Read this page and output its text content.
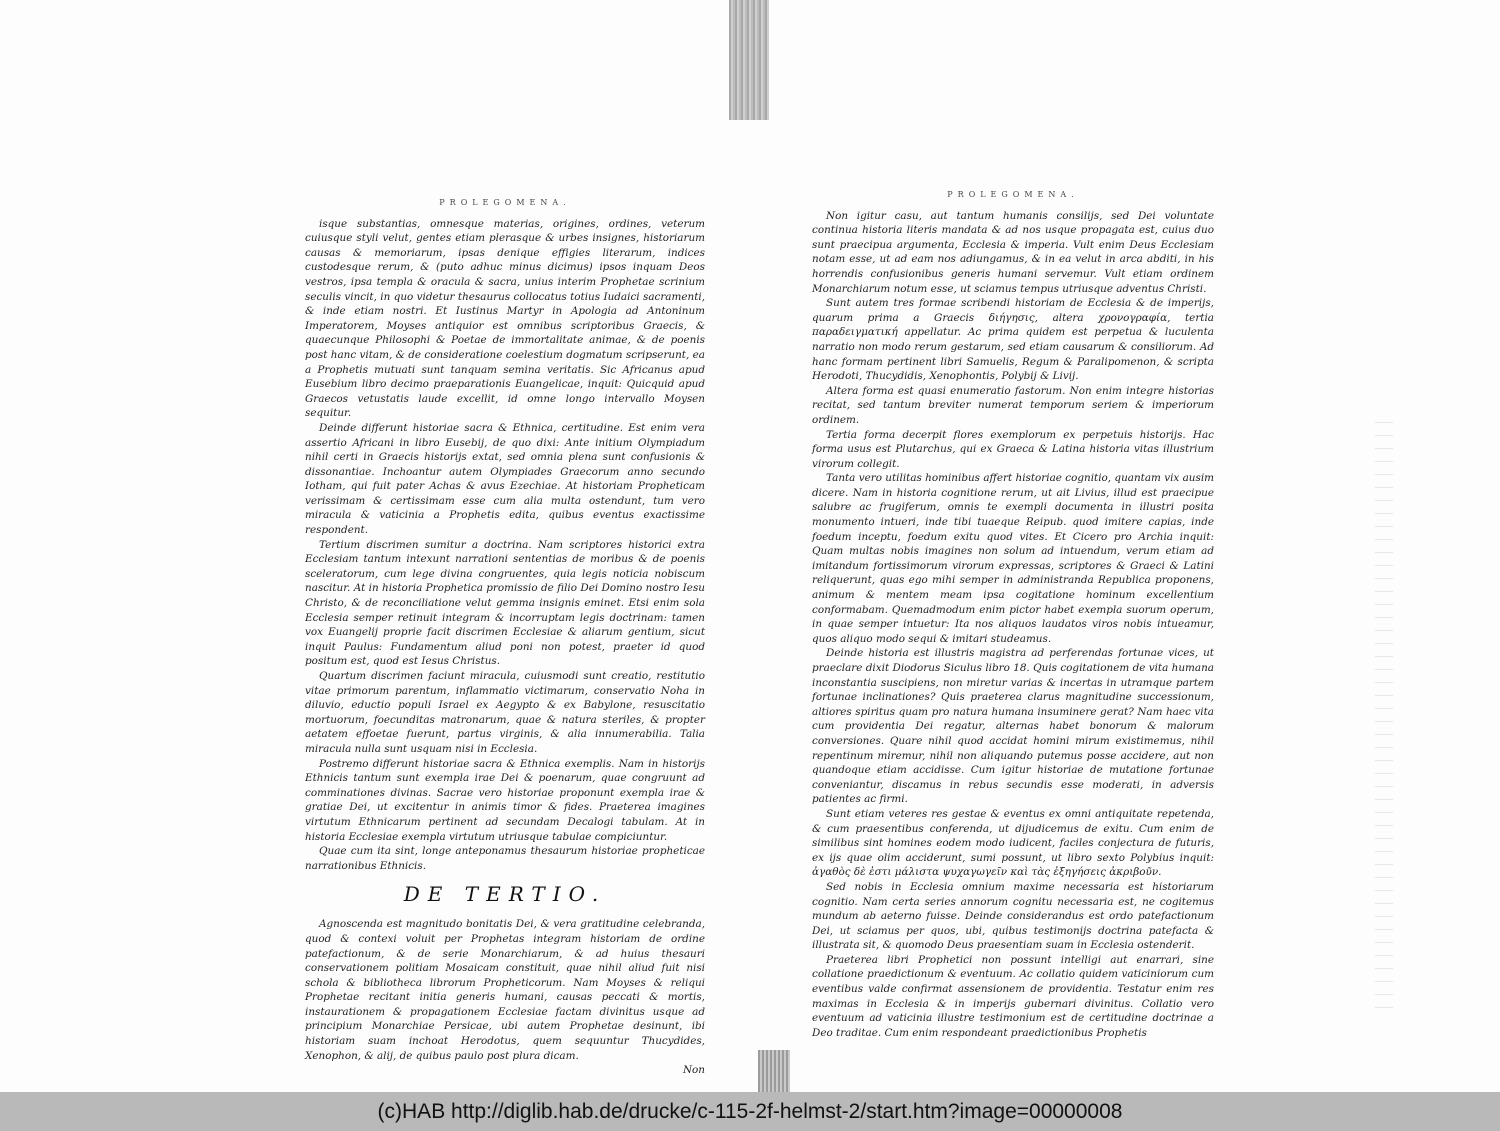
PROLEGOMENA.

isque substantias, omnesque materias, origines, ordines, veterum cuiusque styli velut, gentes etiam plerasque & urbes insignes, historiarum causas & memoriarum, ipsas denique effigies literarum, indices custodesque rerum, & (puto adhuc minus dicimus) ipsos inquam Deos vestros, ipsa templa & oracula & sacra, unius interim Prophetae scrinium seculis vincit, in quo videtur thesaurus collocatus totius Iudaici sacramenti, & inde etiam nostri. Et Iustinus Martyr in Apologia ad Antoninum Imperatorem, Moyses antiquior est omnibus scriptoribus Graecis, & quaecunque Philosophi & Poetae de immortalitate animae, & de poenis post hanc vitam, & de consideratione coelestium dogmatum scripserunt, ea a Prophetis mutuati sunt tanquam semina veritatis. Sic Africanus apud Eusebium libro decimo praeparationis Euangelicae, inquit: Quicquid apud Graecos vetustatis laude excellit, id omne longo intervallo Moysen sequitur.

Deinde differunt historiae sacra & Ethnica, certitudine. Est enim vera assertio Africani in libro Eusebij, de quo dixi: Ante initium Olympiadum nihil certi in Graecis historijs extat, sed omnia plena sunt confusionis & dissonantiae. Inchoantur autem Olympiades Graecorum anno secundo Iotham, qui fuit pater Achas & avus Ezechiae. At historiam Propheticam verissimam & certissimam esse cum alia multa ostendunt, tum vero miracula & vaticinia a Prophetis edita, quibus eventus exactissime respondent.

Tertium discrimen sumitur a doctrina. Nam scriptores historici extra Ecclesiam tantum intexunt narrationi sententias de moribus & de poenis sceleratorum, cum lege divina congruentes, quia legis noticia nobiscum nascitur. At in historia Prophetica promissio de filio Dei Domino nostro Iesu Christo, & de reconciliatione velut gemma insignis eminet. Etsi enim sola Ecclesia semper retinuit integram & incorruptam legis doctrinam: tamen vox Euangelij proprie facit discrimen Ecclesiae & aliarum gentium, sicut inquit Paulus: Fundamentum aliud poni non potest, praeter id quod positum est, quod est Iesus Christus.

Quartum discrimen faciunt miracula, cuiusmodi sunt creatio, restitutio vitae primorum parentum, inflammatio victimarum, conservatio Noha in diluvio, eductio populi Israel ex Aegypto & ex Babylone, resuscitatio mortuorum, foecunditas matronarum, quae & natura steriles, & propter aetatem effoetae fuerunt, partus virginis, & alia innumerabilia. Talia miracula nulla sunt usquam nisi in Ecclesia.

Postremo differunt historiae sacra & Ethnica exemplis. Nam in historijs Ethnicis tantum sunt exempla irae Dei & poenarum, quae congruunt ad comminationes divinas. Sacrae vero historiae proponunt exempla irae & gratiae Dei, ut excitentur in animis timor & fides. Praeterea imagines virtutum Ethnicarum pertinent ad secundam Decalogi tabulam. At in historia Ecclesiae exempla virtutum utriusque tabulae compiciuntur.

Quae cum ita sint, longe anteponamus thesaurum historiae propheticae narrationibus Ethnicis.

DE TERTIO.

Agnoscenda est magnitudo bonitatis Dei, & vera gratitudine celebranda, quod & contexi voluit per Prophetas integram historiam de ordine patefactionum, & de serie Monarchiarum, & ad huius thesauri conservationem politiam Mosaicam constituit, quae nihil aliud fuit nisi schola & bibliotheca librorum Propheticorum. Nam Moyses & reliqui Prophetae recitant initia generis humani, causas peccati & mortis, instaurationem & propagationem Ecclesiae factam divinitus usque ad principium Monarchiae Persicae, ubi autem Prophetae desinunt, ibi historiam suam inchoat Herodotus, quem sequuntur Thucydides, Xenophon, & alij, de quibus paulo post plura dicam.

Non

PROLEGOMENA.

Non igitur casu, aut tantum humanis consilijs, sed Dei voluntate continua historia literis mandata & ad nos usque propagata est, cuius duo sunt praecipua argumenta, Ecclesia & imperia. Vult enim Deus Ecclesiam notam esse, ut ad eam nos adiungamus, & in ea velut in arca abditi, in his horrendis confusionibus generis humani servemur. Vult etiam ordinem Monarchiarum notum esse, ut sciamus tempus utriusque adventus Christi.

Sunt autem tres formae scribendi historiam de Ecclesia & de imperijs, quarum prima a Graecis διήγησις, altera χρονογραφία, tertia παραδειγματική appellatur. Ac prima quidem est perpetua & luculenta narratio non modo rerum gestarum, sed etiam causarum & consiliorum. Ad hanc formam pertinent libri Samuelis, Regum & Paralipomenon, & scripta Herodoti, Thucydidis, Xenophontis, Polybij & Livij.

Altera forma est quasi enumeratio fastorum. Non enim integre historias recitat, sed tantum breviter numerat temporum seriem & imperiorum ordinem.

Tertia forma decerpit flores exemplorum ex perpetuis historijs. Hac forma usus est Plutarchus, qui ex Graeca & Latina historia vitas illustrium virorum collegit.

Tanta vero utilitas hominibus affert historiae cognitio, quantam vix ausim dicere. Nam in historia cognitione rerum, ut ait Livius, illud est praecipue salubre ac frugiferum, omnis te exempli documenta in illustri posita monumento intueri, inde tibi tuaeque Reipub. quod imitere capias, inde foedum inceptu, foedum exitu quod vites. Et Cicero pro Archia inquit: Quam multas nobis imagines non solum ad intuendum, verum etiam ad imitandum fortissimorum virorum expressas, scriptores & Graeci & Latini reliquerunt, quas ego mihi semper in administranda Republica proponens, animum & mentem meam ipsa cogitatione hominum excellentium conformabam. Quemadmodum enim pictor habet exempla suorum operum, in quae semper intuetur: Ita nos aliquos laudatos viros nobis intueamur, quos aliquo modo sequi & imitari studeamus.

Deinde historia est illustris magistra ad perferendas fortunae vices, ut praeclare dixit Diodorus Siculus libro 18. Quis cogitationem de vita humana inconstantia suscipiens, non miretur varias & incertas in utramque partem fortunae inclinationes? Quis praeterea clarus magnitudine successionum, altiores spiritus quam pro natura humana insuminere gerat? Nam haec vita cum providentia Dei regatur, alternas habet bonorum & malorum conversiones. Quare nihil quod accidat homini mirum existimemus, nihil repentinum miremur, nihil non aliquando putemus posse accidere, aut non quandoque etiam accidisse. Cum igitur historiae de mutatione fortunae conveniantur, discamus in rebus secundis esse moderati, in adversis patientes ac firmi.

Sunt etiam veteres res gestae & eventus ex omni antiquitate repetenda, & cum praesentibus conferenda, ut dijudicemus de exitu. Cum enim de similibus sint homines eodem modo iudicent, faciles conjectura de futuris, ex ijs quae olim acciderunt, sumi possunt, ut libro sexto Polybius inquit: ἀγαθὸς δὲ ἐστι μάλιστα ψυχαγωγεῖν καὶ τὰς ἐξηγήσεις ἀκριβοῦν.

Sed nobis in Ecclesia omnium maxime necessaria est historiarum cognitio. Nam certa series annorum cognitu necessaria est, ne cogitemus mundum ab aeterno fuisse. Deinde considerandus est ordo patefactionum Dei, ut sciamus per quos, ubi, quibus testimonijs doctrina patefacta & illustrata sit, & quomodo Deus praesentiam suam in Ecclesia ostenderit.

Praeterea libri Prophetici non possunt intelligi aut enarrari, sine collatione praedictionum & eventuum. Ac collatio quidem vaticiniorum cum eventibus valde confirmat assensionem de providentia. Testatur enim res maximas in Ecclesia & in imperijs gubernari divinitus. Collatio vero eventuum ad vaticinia illustre testimonium est de certitudine doctrinae a Deo traditae. Cum enim respondeant praedictionibus Prophetis

(c)HAB http://diglib.hab.de/drucke/c-115-2f-helmst-2/start.htm?image=00000008
